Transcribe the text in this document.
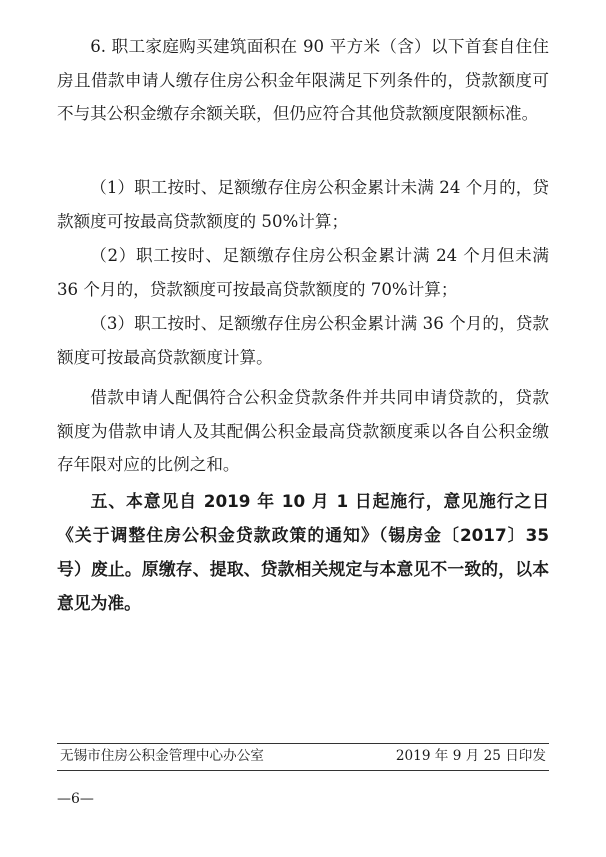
6. 职工家庭购买建筑面积在 90 平方米（含）以下首套自住住房且借款申请人缴存住房公积金年限满足下列条件的，贷款额度可不与其公积金缴存余额关联，但仍应符合其他贷款额度限额标准。

（1）职工按时、足额缴存住房公积金累计未满 24 个月的，贷款额度可按最高贷款额度的 50%计算；

（2）职工按时、足额缴存住房公积金累计满 24 个月但未满 36 个月的，贷款额度可按最高贷款额度的 70%计算；

（3）职工按时、足额缴存住房公积金累计满 36 个月的，贷款额度可按最高贷款额度计算。

借款申请人配偶符合公积金贷款条件并共同申请贷款的，贷款额度为借款申请人及其配偶公积金最高贷款额度乘以各自公积金缴存年限对应的比例之和。

五、本意见自 2019 年 10 月 1 日起施行，意见施行之日《关于调整住房公积金贷款政策的通知》（锡房金〔2017〕35 号）废止。原缴存、提取、贷款相关规定与本意见不一致的，以本意见为准。

无锡市住房公积金管理中心办公室	2019 年 9 月 25 日印发
—6—
